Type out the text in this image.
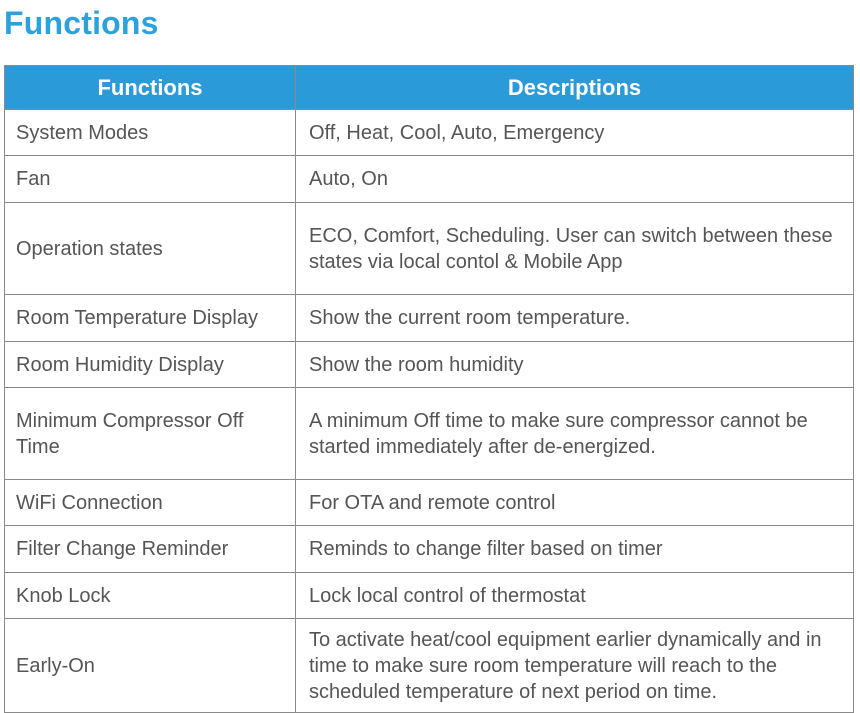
Functions
Functions	Descriptions
System Modes	Off, Heat, Cool, Auto, Emergency
Fan	Auto, On
Operation states	ECO, Comfort, Scheduling. User can switch between these states via local contol & Mobile App
Room Temperature Display	Show the current room temperature.
Room Humidity Display	Show the room humidity
Minimum Compressor Off Time	A minimum Off time to make sure compressor cannot be started immediately after de-energized.
WiFi Connection	For OTA and remote control
Filter Change Reminder	Reminds to change filter based on timer
Knob Lock	Lock local control of thermostat
Early-On	To activate heat/cool equipment earlier dynamically and in time to make sure room temperature will reach to the scheduled temperature of next period on time.
